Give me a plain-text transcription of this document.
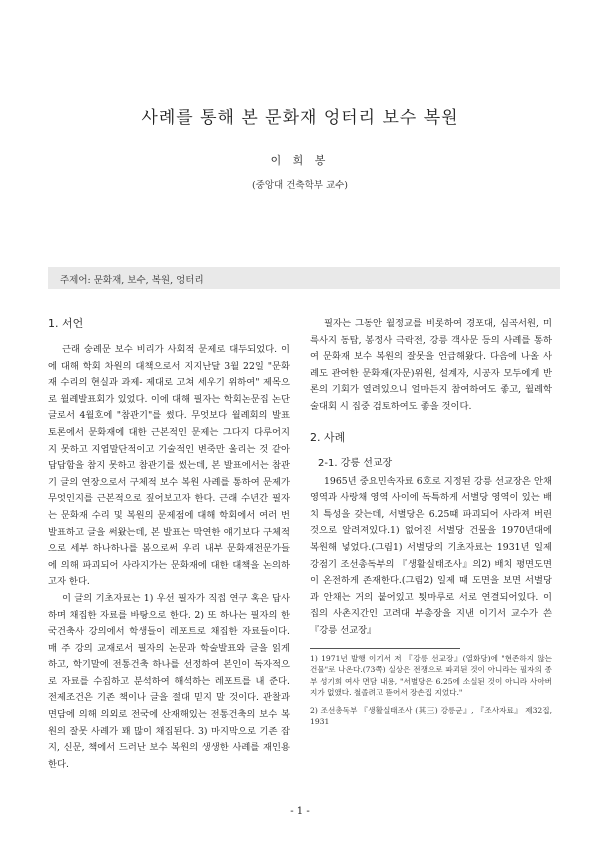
사례를 통해 본 문화재 엉터리 보수 복원
이 희 봉
(중앙대 건축학부 교수)
주제어: 문화재, 보수, 복원, 엉터리
1. 서언

근래 숭례문 보수 비리가 사회적 문제로 대두되었다. 이에 대해 학회 차원의 대책으로서 지지난달 3월 22일 "문화재 수리의 현실과 과제- 제대로 고쳐 세우기 위하여" 제목으로 월례발표회가 있었다. 이에 대해 필자는 학회논문집 논단 글로서 4월호에 "참관기"를 썼다. 무엇보다 월례회의 발표 토론에서 문화재에 대한 근본적인 문제는 그다지 다루어지지 못하고 지엽말단적이고 기술적인 변죽만 울리는 것 같아 답답함을 참지 못하고 참관기를 썼는데, 본 발표에서는 참관기 글의 연장으로서 구체적 보수 복원 사례를 통하여 문제가 무엇인지를 근본적으로 짚어보고자 한다. 근래 수년간 필자는 문화재 수리 및 복원의 문제점에 대해 학회에서 여러 번 발표하고 글을 써왔는데, 본 발표는 막연한 얘기보다 구체적으로 세부 하나하나를 봄으로써 우리 내부 문화재전문가들에 의해 파괴되어 사라지가는 문화재에 대한 대책을 논의하고자 한다.

이 글의 기초자료는 1) 우선 필자가 직접 연구 혹은 답사하며 채집한 자료를 바탕으로 한다. 2) 또 하나는 필자의 한국건축사 강의에서 학생들이 레포트로 채집한 자료들이다. 매 주 강의 교재로서 필자의 논문과 학술발표와 글을 읽게 하고, 학기말에 전통건축 하나를 선정하여 본인이 독자적으로 자료를 수집하고 분석하여 해석하는 레포트를 내 준다. 전제조건은 기존 책이나 글을 절대 믿지 말 것이다. 관찰과 면담에 의해 의외로 전국에 산재해있는 전통건축의 보수 복원의 잘못 사례가 꽤 많이 채집된다. 3) 마지막으로 기존 잡지, 신문, 책에서 드러난 보수 복원의 생생한 사례를 재인용한다.

필자는 그동안 월정교를 비롯하여 경포대, 심곡서원, 미륵사지 동탑, 봉정사 극락전, 강릉 객사문 등의 사례를 통하여 문화재 보수 복원의 잘못을 언급해왔다. 다음에 나올 사례도 관여한 문화재(자문)위원, 설계자, 시공자 모두에게 반론의 기회가 열려있으니 얼마든지 참여하여도 좋고, 월례학술대회 시 집중 검토하여도 좋을 것이다.

2. 사례
2-1. 강릉 선교장

1965년 중요민속자료 6호로 지정된 강릉 선교장은 안채 영역과 사랑채 영역 사이에 독특하게 서별당 영역이 있는 배치 특성을 갖는데, 서별당은 6.25때 파괴되어 사라져 버린 것으로 알려져있다.1) 없어진 서별당 건물을 1970년대에 복원해 넣었다.(그림1) 서별당의 기초자료는 1931년 일제 강점기 조선총독부의 『생활실태조사』의2) 배치 평면도면이 온전하게 존재한다.(그림2) 일제 때 도면을 보면 서별당과 안채는 거의 붙어있고 툇마루로 서로 연결되어있다. 이 집의 사촌지간인 고려대 부총장을 지낸 이기서 교수가 쓴 『강릉 선교장』

1) 1971년 발행 이기서 저 『강릉 선교장』(열화당)에 "현존하지 않는 건물"로 나온다.(73쪽) 실상은 전쟁으로 파괴된 것이 아니라는 필자의 종부 성기희 여사 면담 내용, "서별당은 6.25에 소실된 것이 아니라 사아버지가 없앴다. 철졸려고 뜯어서 장손집 지었다."

2) 조선총독부 『생활실태조사 (其三) 강릉군』, 『조사자료』 제32집, 1931

- 1 -
